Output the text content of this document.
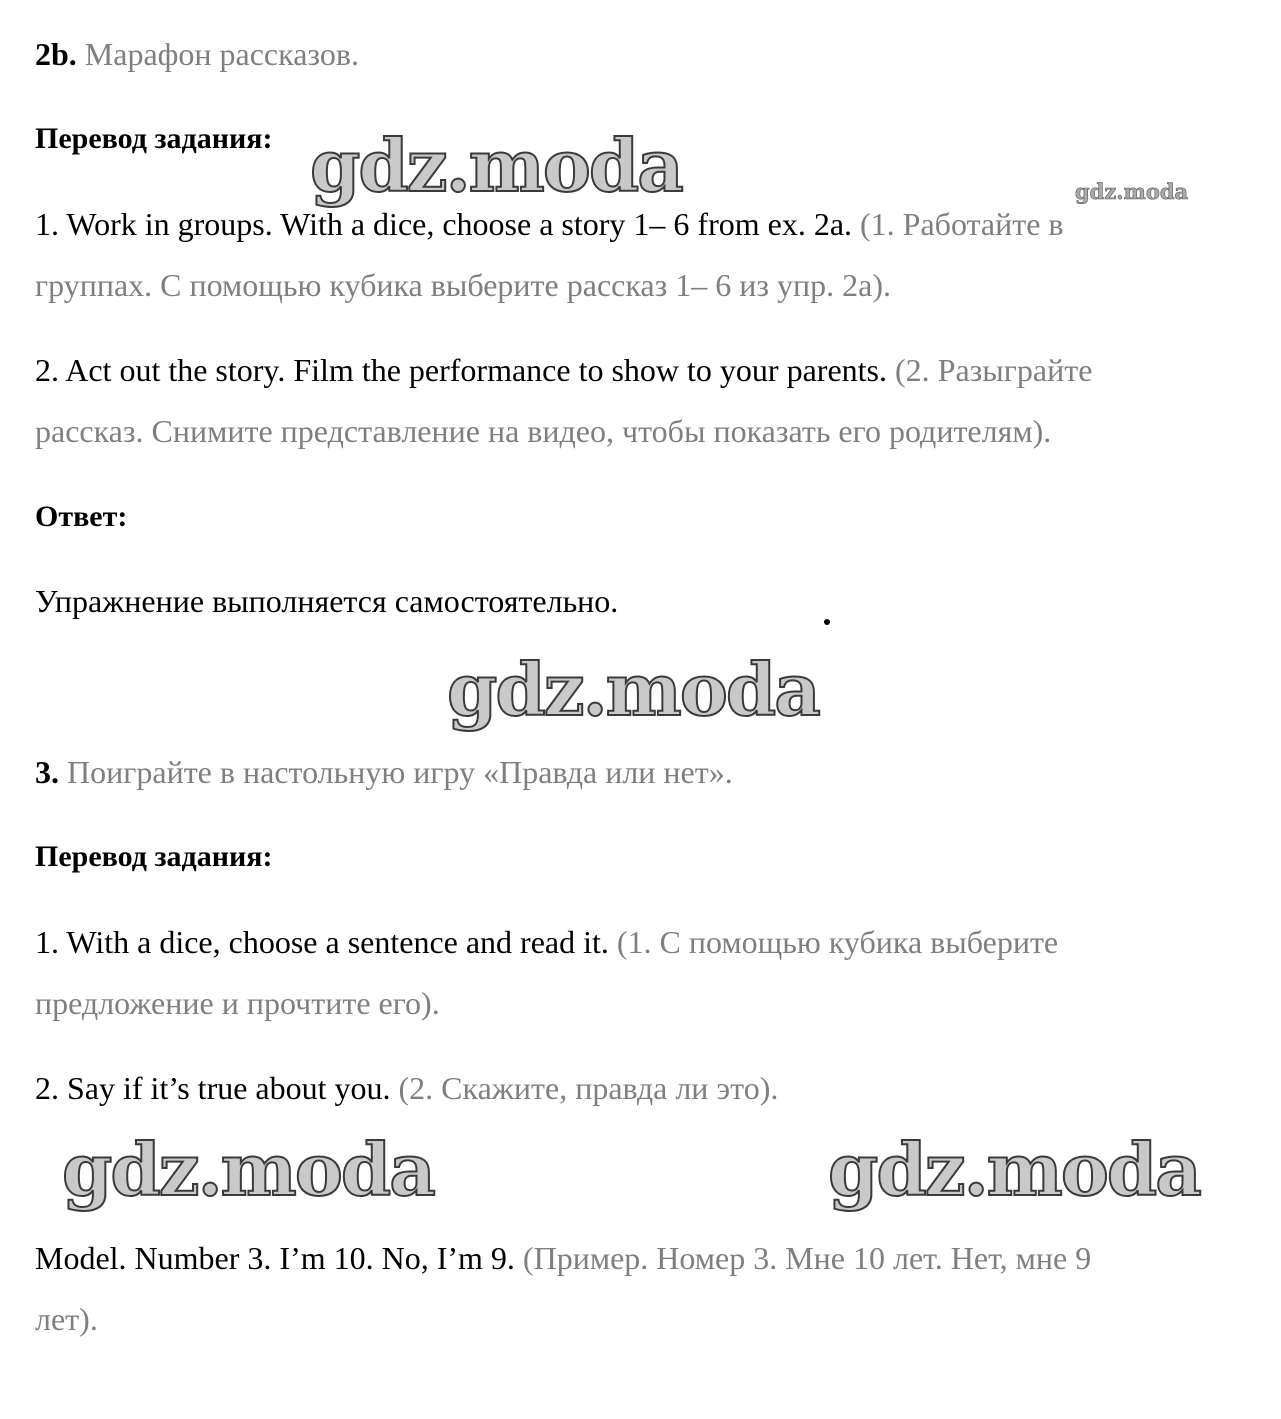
2b. Марафон рассказов.
Перевод задания: gdz.moda	gdz.moda
1. Work in groups. With a dice, choose a story 1– 6 from ex. 2a. (1. Работайте в
группах. С помощью кубика выберите рассказ 1– 6 из упр. 2а).
2. Act out the story. Film the performance to show to your parents. (2. Разыграйте
рассказ. Снимите представление на видео, чтобы показать его родителям).
Ответ:
Упражнение выполняется самостоятельно.
gdz.moda
3. Поиграйте в настольную игру «Правда или нет».
Перевод задания:
1. With a dice, choose a sentence and read it. (1. С помощью кубика выберите
предложение и прочтите его).
2. Say if it’s true about you. (2. Скажите, правда ли это).
gdz.moda	gdz.moda
Model. Number 3. I’m 10. No, I’m 9. (Пример. Номер 3. Мне 10 лет. Нет, мне 9
лет).
